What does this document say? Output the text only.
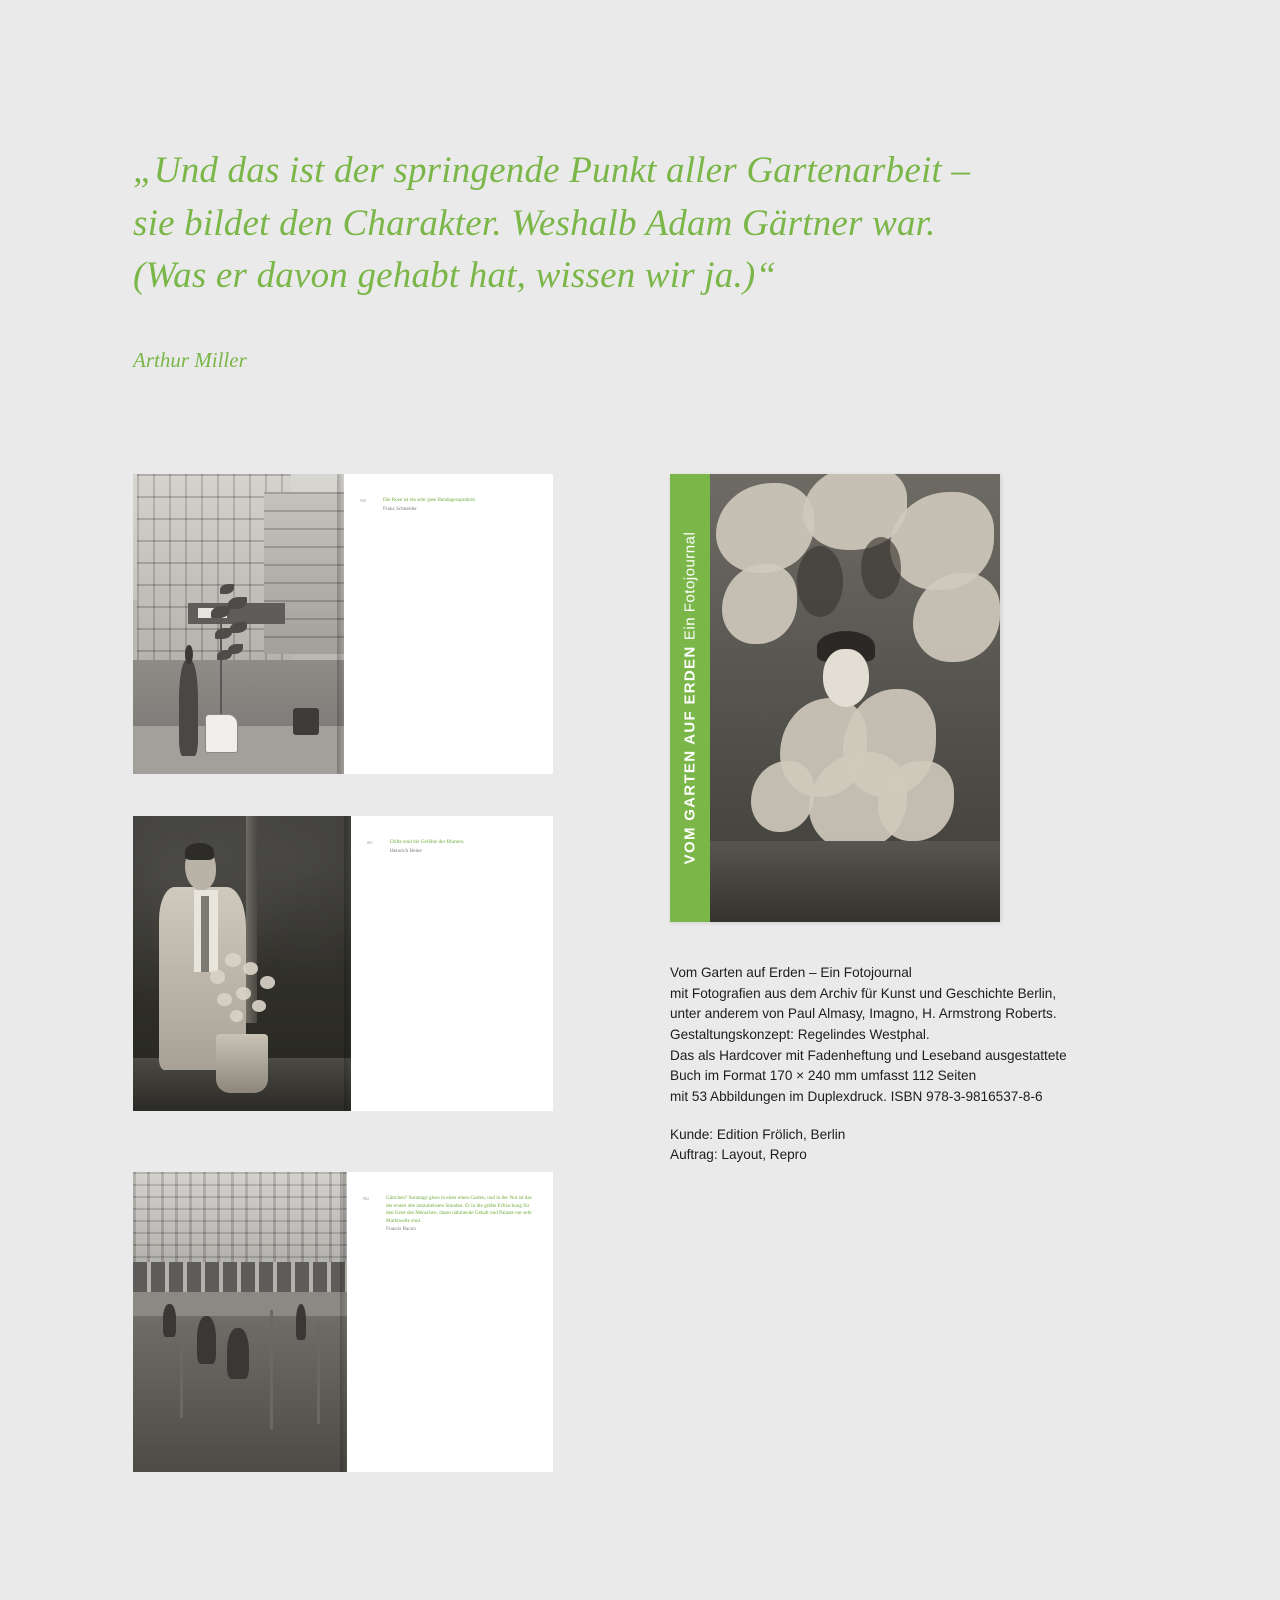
„Und das ist der springende Punkt aller Gartenarbeit –

sie bildet den Charakter. Weshalb Adam Gärtner war.

(Was er davon gehabt hat, wissen wir ja.)“

Arthur Miller
030	Die Rose ist ein sehr gute Bandagesupraleid.
Franz Schneider
061	Düfte sind die Gefühle der Blumen.
Heinrich Heine
082	Gärtchen? Sonntags gloss in einer einen Garten, und in der Not ist das der ersten alte umzuliebsten Stunden. Er in die gräfte Erfrischung für den Geist des Menschen, dasen nähmende Gehalt und Palaste nur sehr Marktwelle sind.
Francis Bacon
VOM GARTEN AUF ERDEN Ein Fotojournal
Vom Garten auf Erden – Ein Fotojournal
mit Fotografien aus dem Archiv für Kunst und Geschichte Berlin,
unter anderem von Paul Almasy, Imagno, H. Armstrong Roberts.
Gestaltungskonzept: Regelindes Westphal.
Das als Hardcover mit Fadenheftung und Leseband ausgestattete
Buch im Format 170 × 240 mm umfasst 112 Seiten
mit 53 Abbildungen im Duplexdruck. ISBN 978-3-9816537-8-6
Kunde: Edition Frölich, Berlin
Auftrag: Layout, Repro
